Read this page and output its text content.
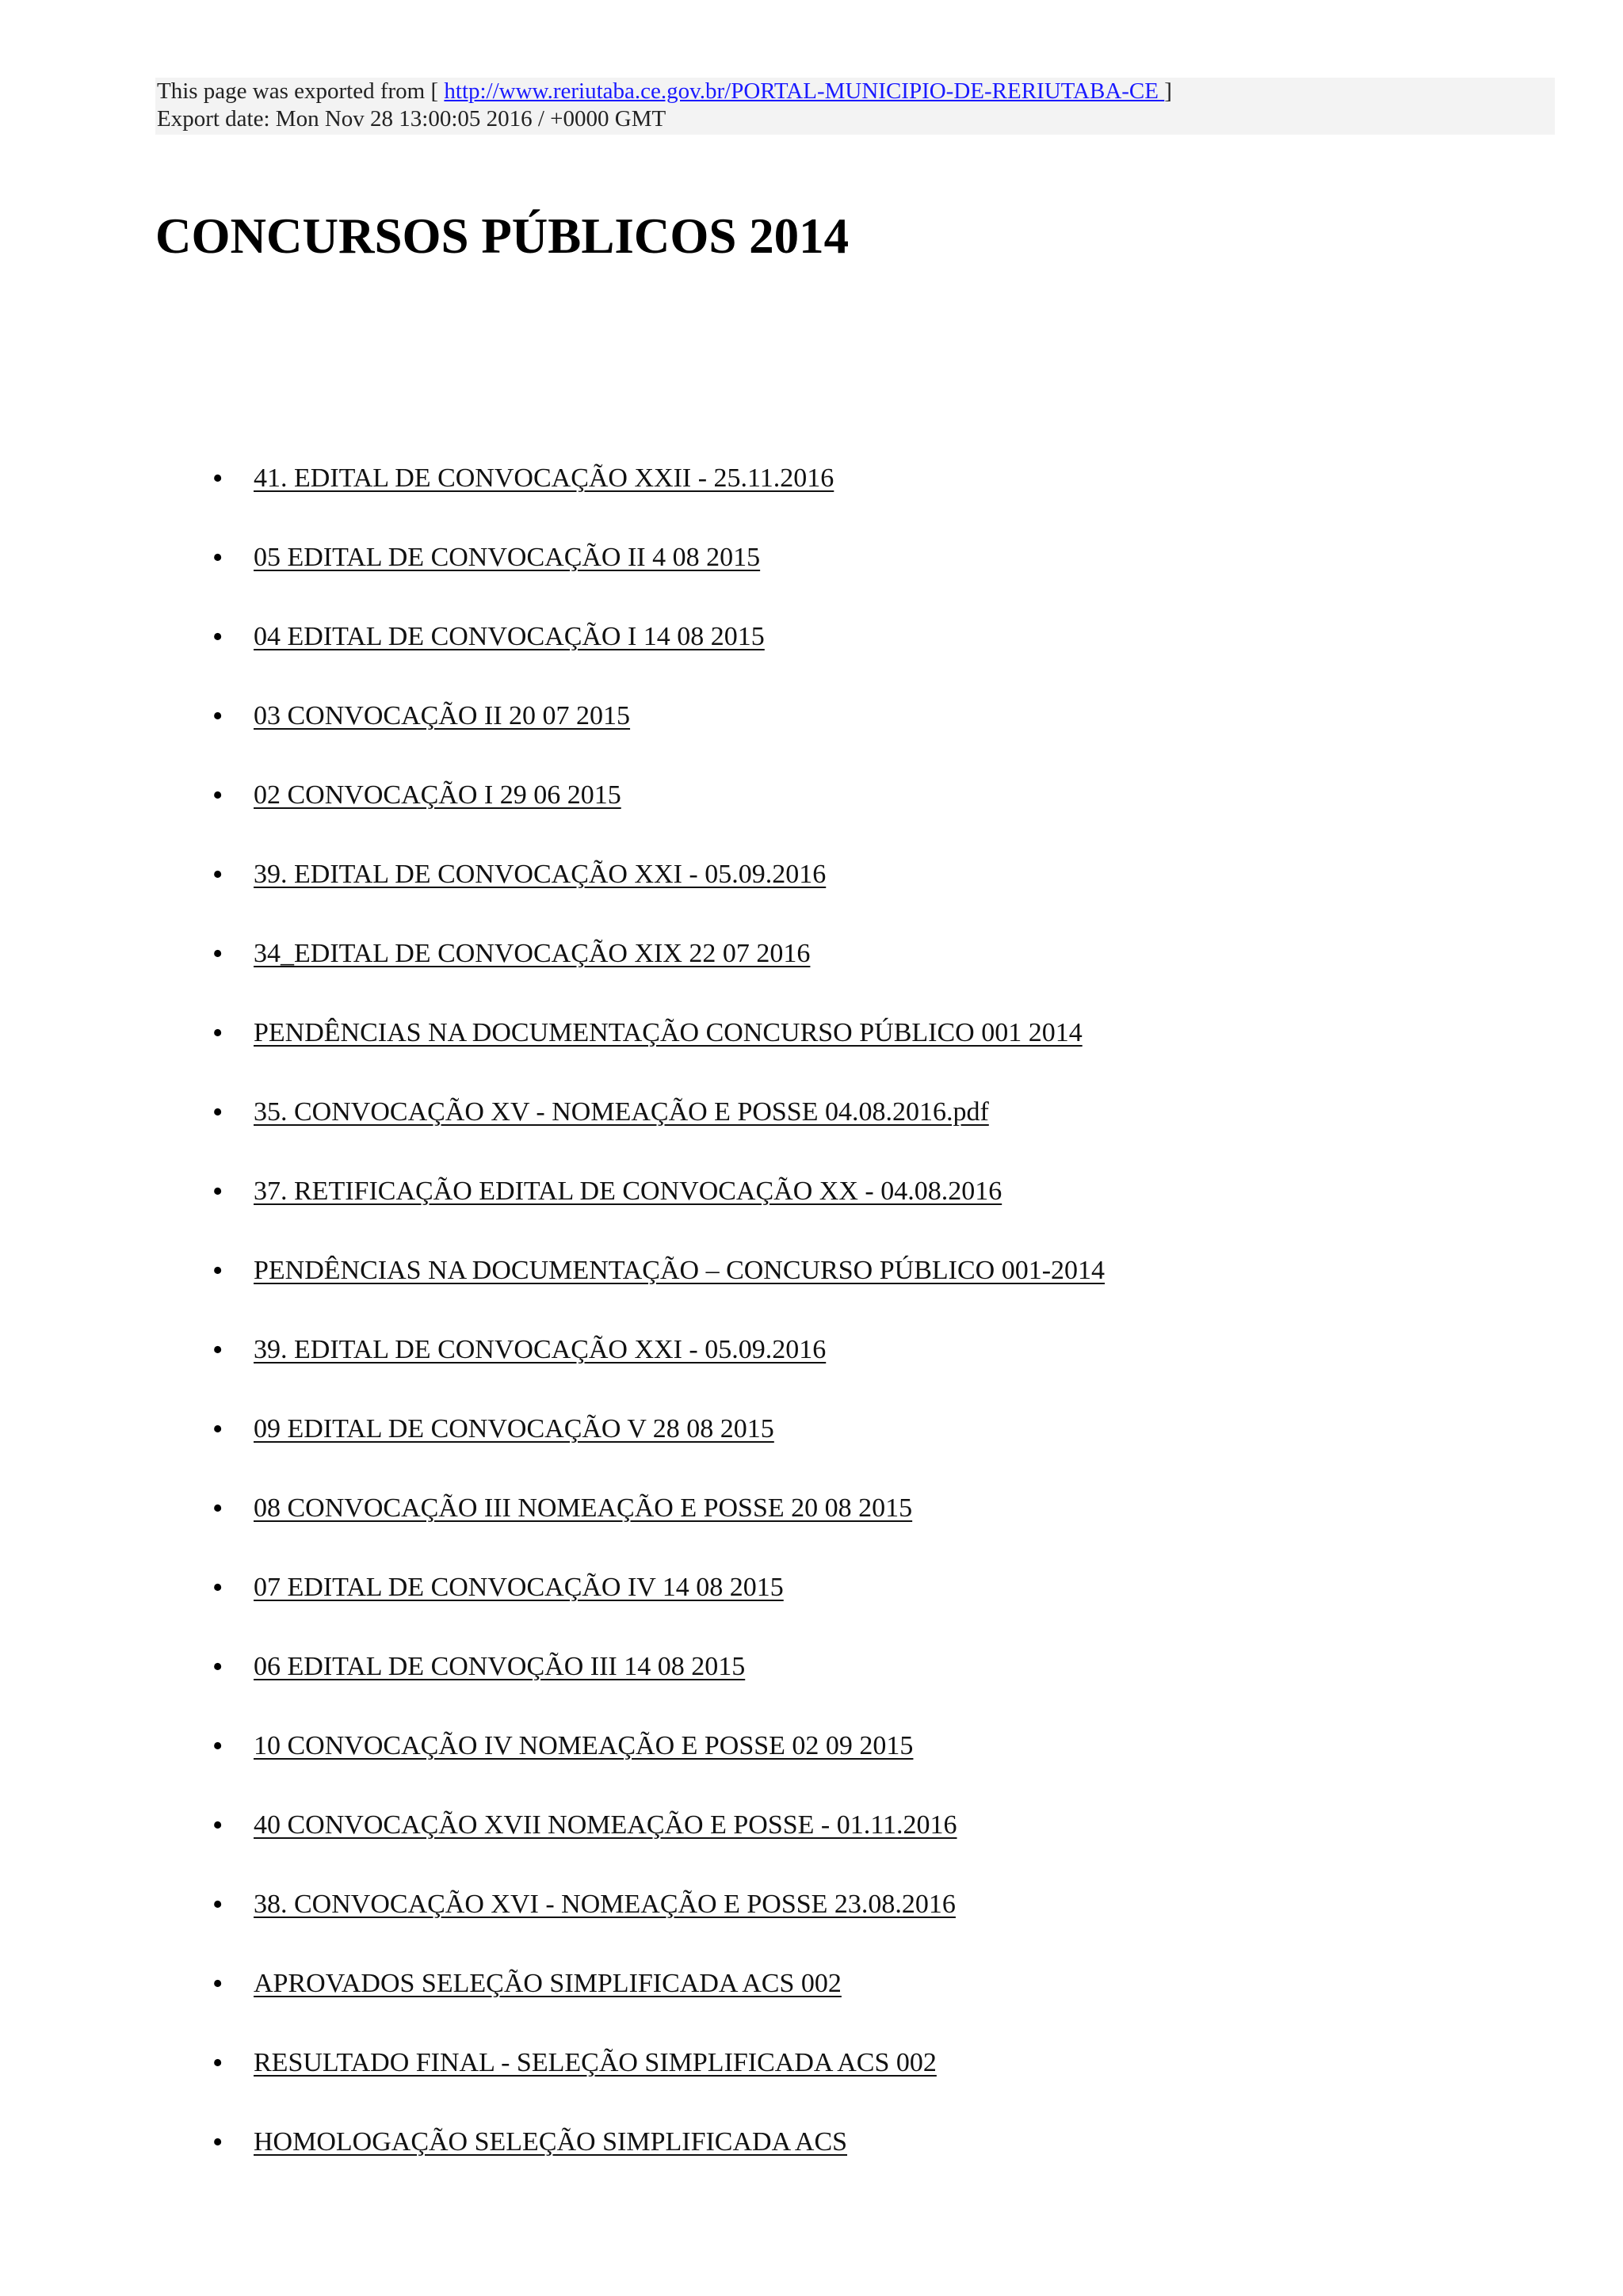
This page was exported from [ http://www.reriutaba.ce.gov.br/PORTAL-MUNICIPIO-DE-RERIUTABA-CE ]
Export date: Mon Nov 28 13:00:05 2016 / +0000 GMT
CONCURSOS PÚBLICOS 2014
• 41. EDITAL DE CONVOCAÇÃO XXII - 25.11.2016
• 05 EDITAL DE CONVOCAÇÃO II 4 08 2015
• 04 EDITAL DE CONVOCAÇÃO I 14 08 2015
• 03 CONVOCAÇÃO II 20 07 2015
• 02 CONVOCAÇÃO I 29 06 2015
• 39. EDITAL DE CONVOCAÇÃO XXI - 05.09.2016
• 34_EDITAL DE CONVOCAÇÃO XIX 22 07 2016
• PENDÊNCIAS NA DOCUMENTAÇÃO CONCURSO PÚBLICO 001 2014
• 35. CONVOCAÇÃO XV - NOMEAÇÃO E POSSE 04.08.2016.pdf
• 37. RETIFICAÇÃO EDITAL DE CONVOCAÇÃO XX - 04.08.2016
• PENDÊNCIAS NA DOCUMENTAÇÃO – CONCURSO PÚBLICO 001-2014
• 39. EDITAL DE CONVOCAÇÃO XXI - 05.09.2016
• 09 EDITAL DE CONVOCAÇÃO V 28 08 2015
• 08 CONVOCAÇÃO III NOMEAÇÃO E POSSE 20 08 2015
• 07 EDITAL DE CONVOCAÇÃO IV 14 08 2015
• 06 EDITAL DE CONVOÇÃO III 14 08 2015
• 10 CONVOCAÇÃO IV NOMEAÇÃO E POSSE 02 09 2015
• 40 CONVOCAÇÃO XVII NOMEAÇÃO E POSSE - 01.11.2016
• 38. CONVOCAÇÃO XVI - NOMEAÇÃO E POSSE 23.08.2016
• APROVADOS SELEÇÃO SIMPLIFICADA ACS 002
• RESULTADO FINAL - SELEÇÃO SIMPLIFICADA ACS 002
• HOMOLOGAÇÃO SELEÇÃO SIMPLIFICADA ACS
